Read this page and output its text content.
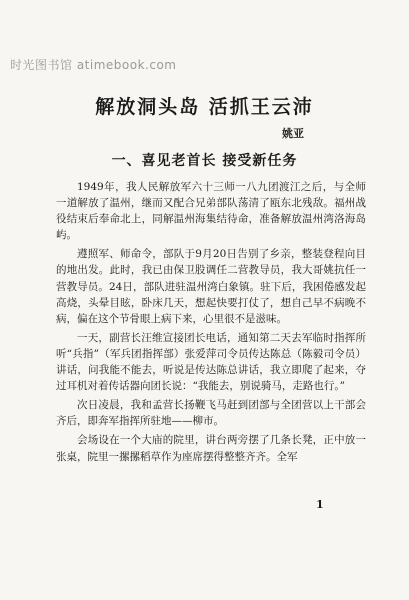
时光图书馆 atimebook.com
解放洞头岛 活抓王云沛
姚亚
一、喜见老首长 接受新任务

1949年，我人民解放军六十三师一八九团渡江之后，与全师一道解放了温州，继而又配合兄弟部队荡清了瓯东北残敌。福州战役结束后奉命北上，同解温州海集结待命，准备解放温州湾洛海岛屿。

遵照军、师命令，部队于9月20日告别了乡亲，整装登程向目的地出发。此时，我已由保卫股调任二营教导员，我大哥姚抗任一营教导员。24日，部队进驻温州湾白象镇。驻下后，我困倦感发起高烧，头晕目眩，卧床几天，想起快要打仗了，想自己早不病晚不病，偏在这个节骨眼上病下来，心里很不是滋味。

一天，副营长汪维宣接团长电话，通知第二天去军临时指挥所听“兵指”（军兵团指挥部）张爱萍司令员传达陈总（陈毅司令员）讲话，问我能不能去，听说是传达陈总讲话，我立即爬了起来，夺过耳机对着传话器向团长说：“我能去，别说骑马，走路也行。”

次日凌晨，我和孟营长扬鞭飞马赶到团部与全团营以上干部会齐后，即奔军指挥所驻地——柳市。

会场设在一个大庙的院里，讲台两旁摆了几条长凳，正中放一张桌，院里一摞摞稻草作为座席摆得整整齐齐。全军

1
